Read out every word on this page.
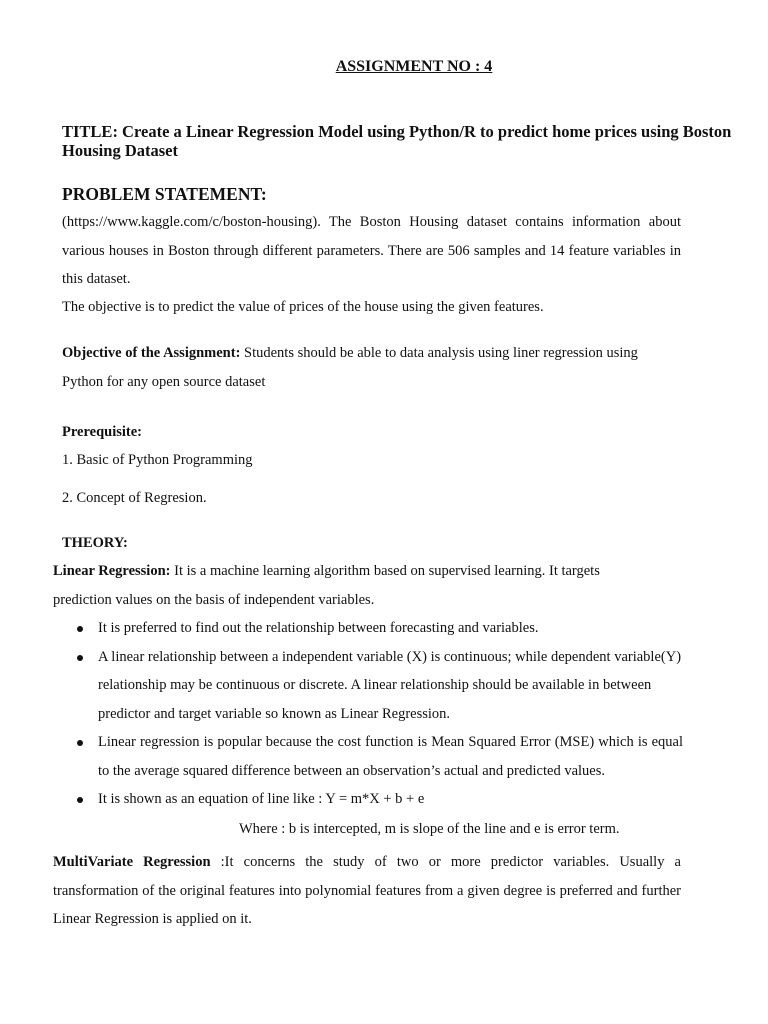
ASSIGNMENT NO : 4
TITLE: Create a Linear Regression Model using Python/R to predict home prices using Boston Housing Dataset
PROBLEM STATEMENT:
(https://www.kaggle.com/c/boston-housing). The Boston Housing dataset contains information about various houses in Boston through different parameters. There are 506 samples and 14 feature variables in this dataset.
The objective is to predict the value of prices of the house using the given features.
Objective of the Assignment: Students should be able to data analysis using liner regression using Python for any open source dataset
Prerequisite:
1. Basic of Python Programming
2. Concept of Regresion.
THEORY:
Linear Regression: It is a machine learning algorithm based on supervised learning. It targets prediction values on the basis of independent variables.
It is preferred to find out the relationship between forecasting and variables.
A linear relationship between a independent variable (X) is continuous; while dependent variable(Y) relationship may be continuous or discrete. A linear relationship should be available in between predictor and target variable so known as Linear Regression.
Linear regression is popular because the cost function is Mean Squared Error (MSE) which is equal to the average squared difference between an observation’s actual and predicted values.
It is shown as an equation of line like : Y = m*X + b + e
Where : b is intercepted, m is slope of the line and e is error term.
MultiVariate Regression :It concerns the study of two or more predictor variables. Usually a transformation of the original features into polynomial features from a given degree is preferred and further Linear Regression is applied on it.
